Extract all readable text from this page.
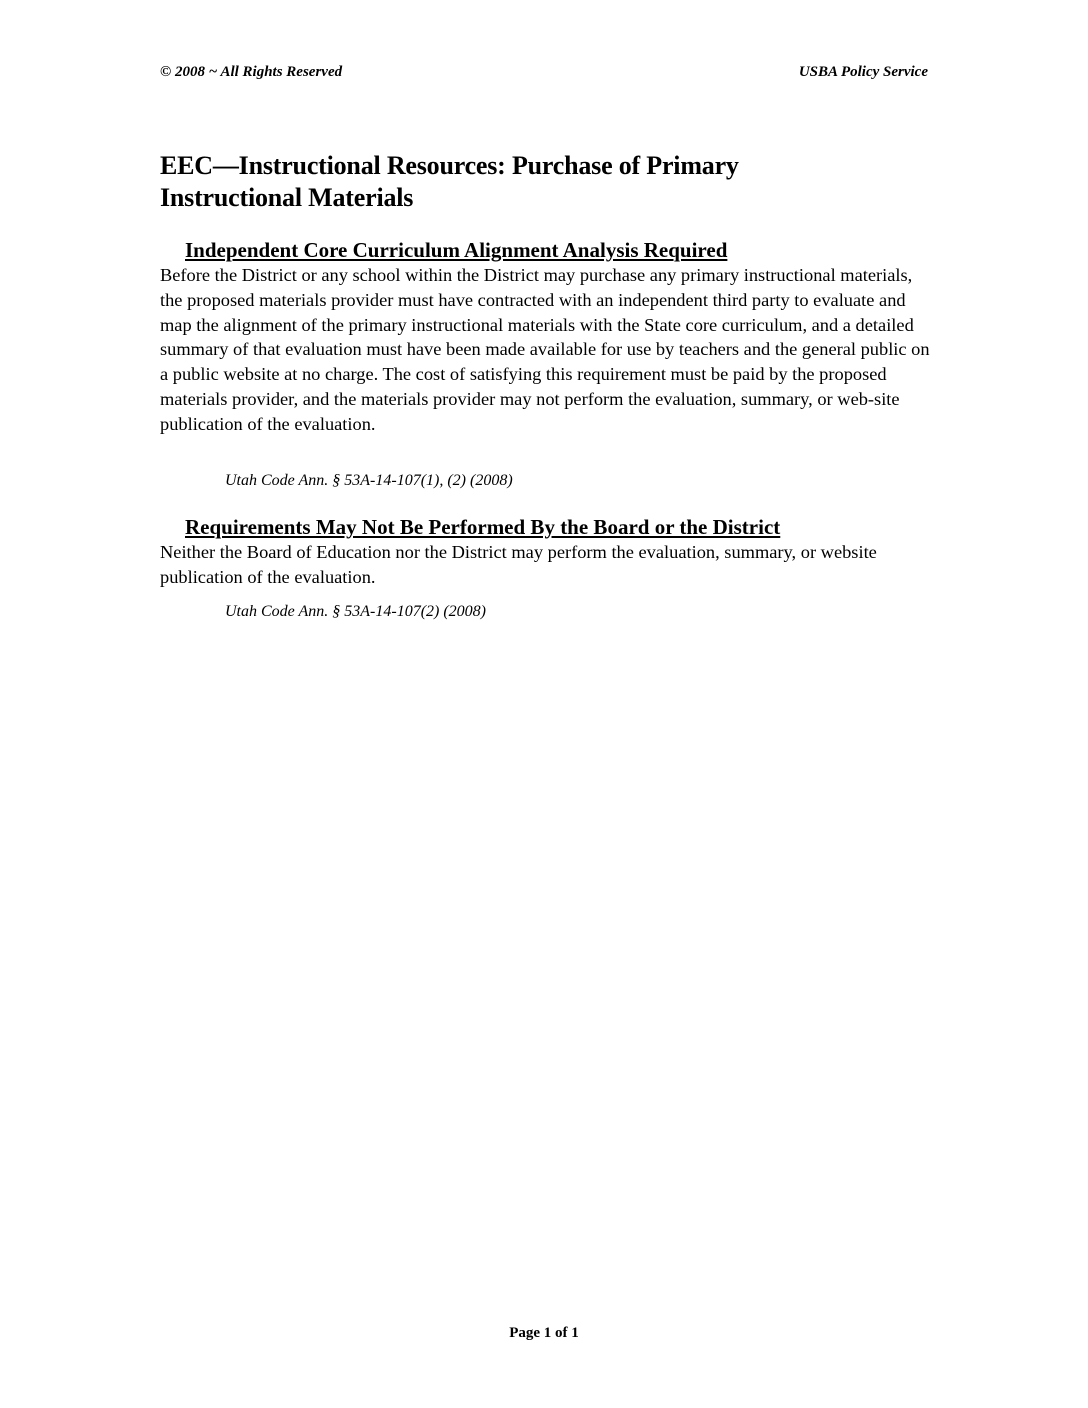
© 2008 ~ All Rights Reserved	USBA Policy Service
EEC—Instructional Resources: Purchase of Primary Instructional Materials
Independent Core Curriculum Alignment Analysis Required

Before the District or any school within the District may purchase any primary instructional materials, the proposed materials provider must have contracted with an independent third party to evaluate and map the alignment of the primary instructional materials with the State core curriculum, and a detailed summary of that evaluation must have been made available for use by teachers and the general public on a public website at no charge. The cost of satisfying this requirement must be paid by the proposed materials provider, and the materials provider may not perform the evaluation, summary, or web-site publication of the evaluation.

Utah Code Ann. § 53A-14-107(1), (2) (2008)

Requirements May Not Be Performed By the Board or the District

Neither the Board of Education nor the District may perform the evaluation, summary, or website publication of the evaluation.

Utah Code Ann. § 53A-14-107(2) (2008)

Page 1 of 1
